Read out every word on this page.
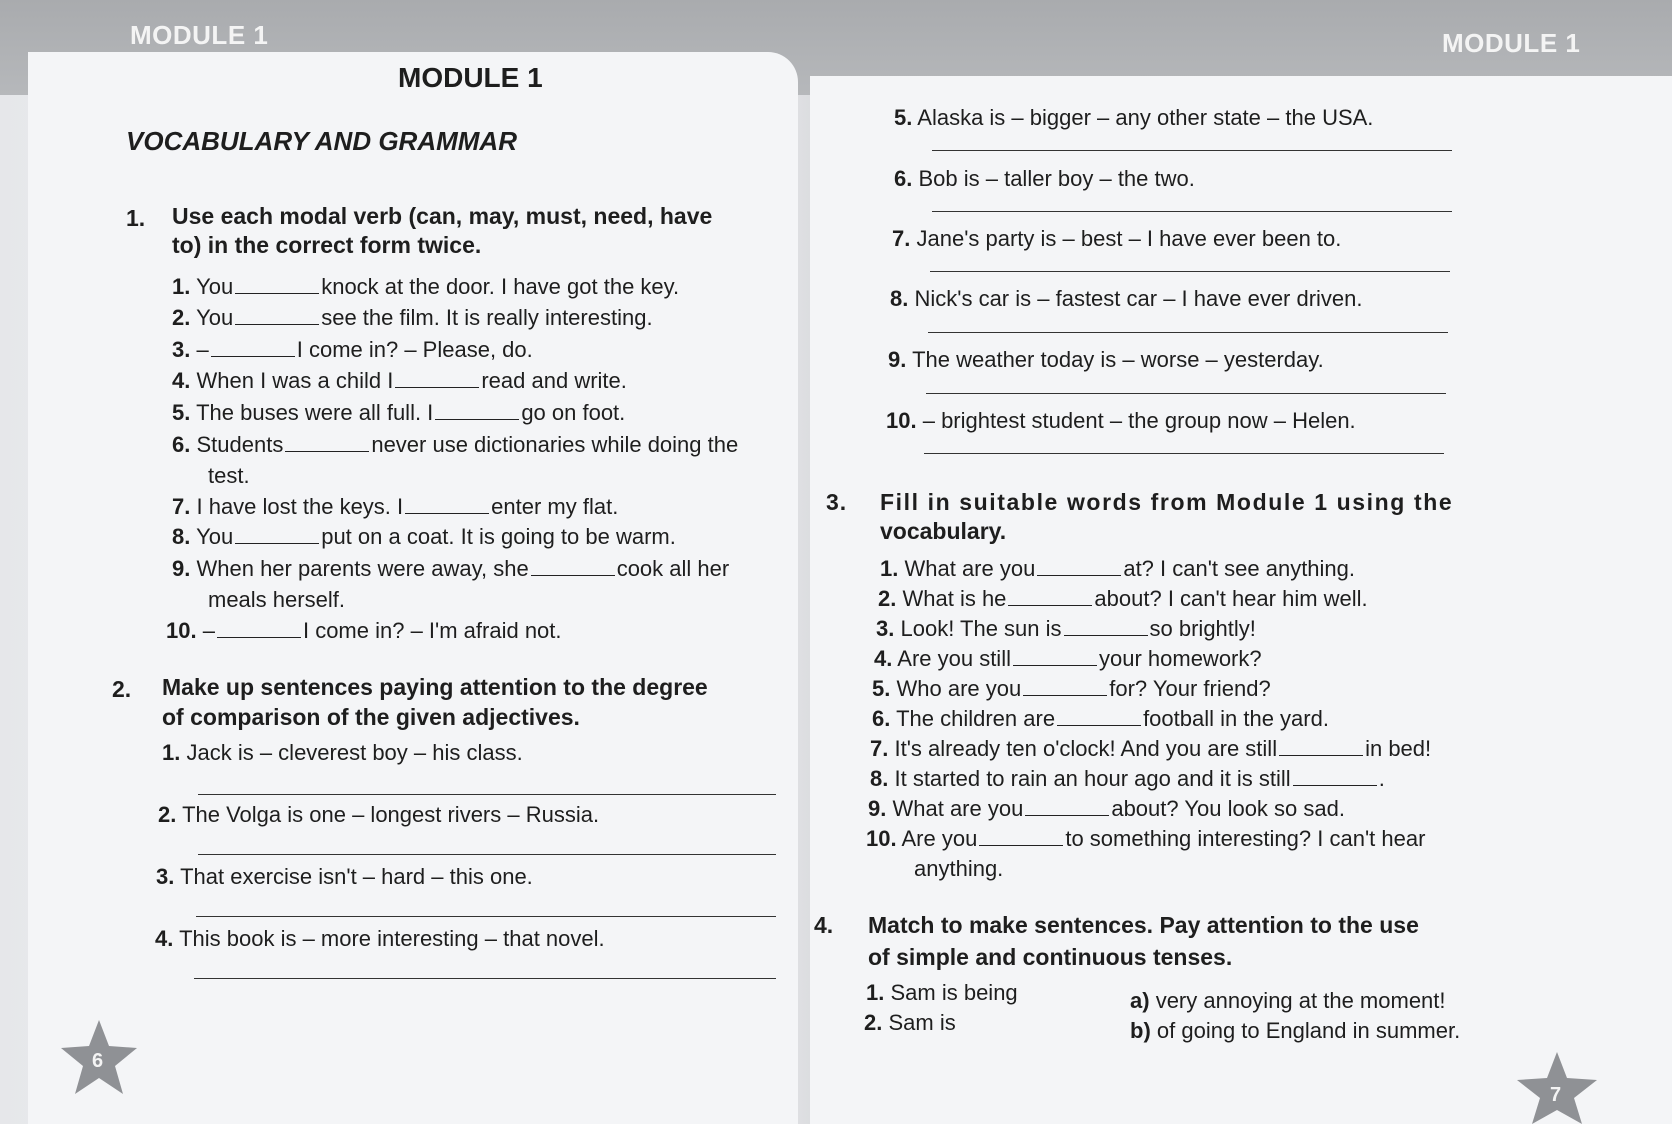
MODULE 1
MODULE 1
VOCABULARY AND GRAMMAR
1. Use each modal verb (can, may, must, need, have
to) in the correct form twice.
1. You	knock at the door. I have got the key.
2. You	see the film. It is really interesting.
3. –	I come in? – Please, do.
4. When I was a child I	read and write.
5. The buses were all full. I	go on foot.
6. Students	never use dictionaries while doing the
test.
7. I have lost the keys. I	enter my flat.
8. You	put on a coat. It is going to be warm.
9. When her parents were away, she	cook all her
meals herself.
10. –	I come in? – I'm afraid not.
2. Make up sentences paying attention to the degree
of comparison of the given adjectives.
1. Jack is – cleverest boy – his class.
2. The Volga is one – longest rivers – Russia.
3. That exercise isn't – hard – this one.
4. This book is – more interesting – that novel.
6
MODULE 1
5. Alaska is – bigger – any other state – the USA.
6. Bob is – taller boy – the two.
7. Jane's party is – best – I have ever been to.
8. Nick's car is – fastest car – I have ever driven.
9. The weather today is – worse – yesterday.
10. – brightest student – the group now – Helen.
3. Fill in suitable words from Module 1 using the
vocabulary.
1. What are you	at? I can't see anything.
2. What is he	about? I can't hear him well.
3. Look! The sun is	so brightly!
4. Are you still	your homework?
5. Who are you	for? Your friend?
6. The children are	football in the yard.
7. It's already ten o'clock! And you are still	in bed!
8. It started to rain an hour ago and it is still	.
9. What are you	about? You look so sad.
10. Are you	to something interesting? I can't hear
anything.
4. Match to make sentences. Pay attention to the use
of simple and continuous tenses.
1. Sam is being
2. Sam is
a) very annoying at the moment!
b) of going to England in summer.
7
